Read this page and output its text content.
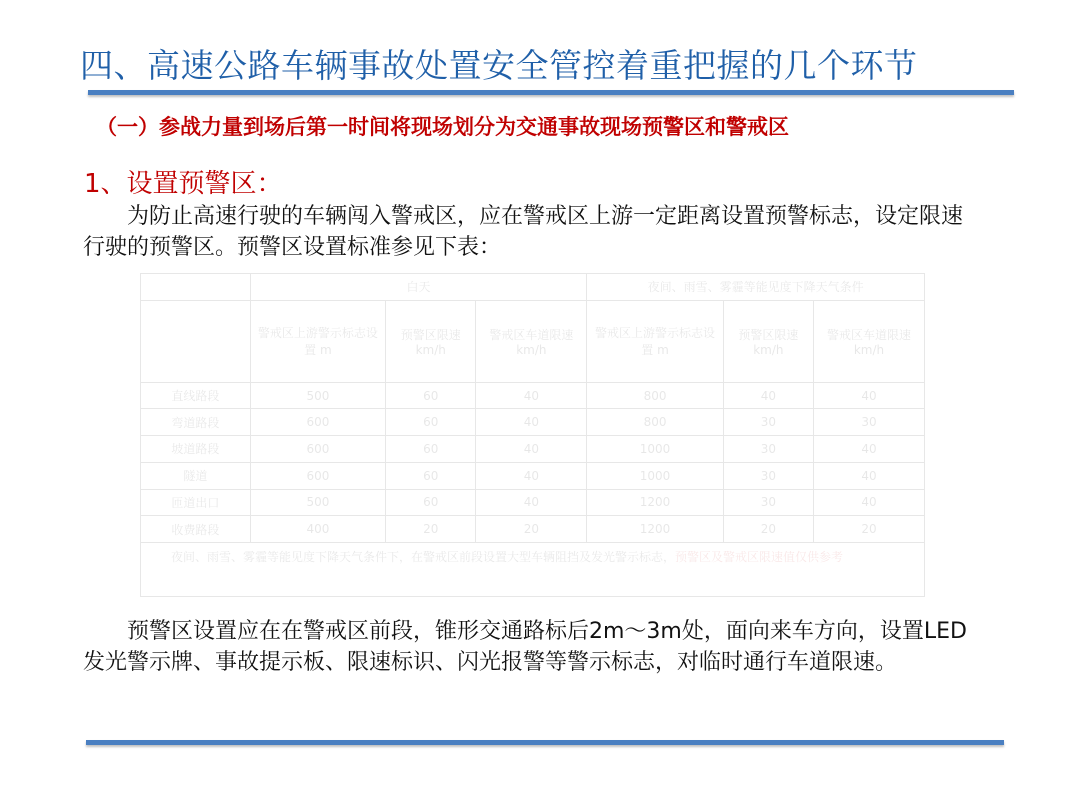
四、高速公路车辆事故处置安全管控着重把握的几个环节
（一）参战力量到场后第一时间将现场划分为交通事故现场预警区和警戒区
1、设置预警区：
为防止高速行驶的车辆闯入警戒区，应在警戒区上游一定距离设置预警标志，设定限速行驶的预警区。预警区设置标准参见下表：
	白天			夜间、雨雪、雾霾等能见度下降天气条件		
	警戒区上游警示标志设置 m	预警区限速 km/h	警戒区车道限速 km/h	警戒区上游警示标志设置 m	预警区限速 km/h	警戒区车道限速 km/h
直线路段	500	60	40	800	40	40
弯道路段	600	60	40	800	30	30
坡道路段	600	60	40	1000	30	40
隧道	600	60	40	1000	30	40
匝道出口	500	60	40	1200	30	40
收费路段	400	20	20	1200	20	20
夜间、雨雪、雾霾等能见度下降天气条件下，在警戒区前段设置大型车辆阻挡及发光警示标志，预警区及警戒区限速值仅供参考
预警区设置应在在警戒区前段，锥形交通路标后2m～3m处，面向来车方向，设置LED发光警示牌、事故提示板、限速标识、闪光报警等警示标志，对临时通行车道限速。
